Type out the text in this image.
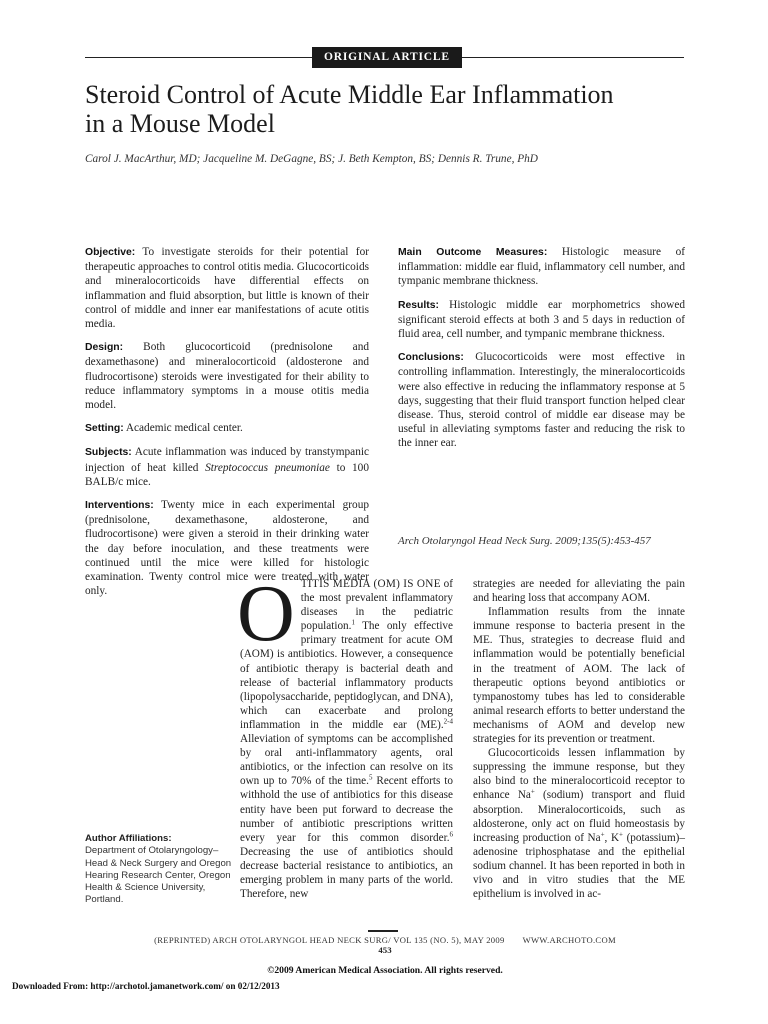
ORIGINAL ARTICLE
Steroid Control of Acute Middle Ear Inflammation
in a Mouse Model
Carol J. MacArthur, MD; Jacqueline M. DeGagne, BS; J. Beth Kempton, BS; Dennis R. Trune, PhD

Objective: To investigate steroids for their potential for therapeutic approaches to control otitis media. Glucocorticoids and mineralocorticoids have differential effects on inflammation and fluid absorption, but little is known of their control of middle and inner ear manifestations of acute otitis media.

Design: Both glucocorticoid (prednisolone and dexamethasone) and mineralocorticoid (aldosterone and fludrocortisone) steroids were investigated for their ability to reduce inflammatory symptoms in a mouse otitis media model.

Setting: Academic medical center.

Subjects: Acute inflammation was induced by transtympanic injection of heat killed Streptococcus pneumoniae to 100 BALB/c mice.

Interventions: Twenty mice in each experimental group (prednisolone, dexamethasone, aldosterone, and fludrocortisone) were given a steroid in their drinking water the day before inoculation, and these treatments were continued until the mice were killed for histologic examination. Twenty control mice were treated with water only.

Main Outcome Measures: Histologic measure of inflammation: middle ear fluid, inflammatory cell number, and tympanic membrane thickness.

Results: Histologic middle ear morphometrics showed significant steroid effects at both 3 and 5 days in reduction of fluid area, cell number, and tympanic membrane thickness.

Conclusions: Glucocorticoids were most effective in controlling inflammation. Interestingly, the mineralocorticoids were also effective in reducing the inflammatory response at 5 days, suggesting that their fluid transport function helped clear disease. Thus, steroid control of middle ear disease may be useful in alleviating symptoms faster and reducing the risk to the inner ear.

Arch Otolaryngol Head Neck Surg. 2009;135(5):453-457
Author Affiliations:
Department of Otolaryngology–Head & Neck Surgery and Oregon Hearing Research Center, Oregon Health & Science University, Portland.

OTITIS MEDIA (OM) IS ONE of the most prevalent inflammatory diseases in the pediatric population.$^1$ The only effective primary treatment for acute OM (AOM) is antibiotics. However, a consequence of antibiotic therapy is bacterial death and release of bacterial inflammatory products (lipopolysaccharide, peptidoglycan, and DNA), which can exacerbate and prolong inflammation in the middle ear (ME).$^{2-4}$ Alleviation of symptoms can be accomplished by oral anti-inflammatory agents, oral antibiotics, or the infection can resolve on its own up to 70% of the time.$^5$ Recent efforts to withhold the use of antibiotics for this disease entity have been put forward to decrease the number of antibiotic prescriptions written every year for this common disorder.$^6$ Decreasing the use of antibiotics should decrease bacterial resistance to antibiotics, an emerging problem in many parts of the world. Therefore, new

strategies are needed for alleviating the pain and hearing loss that accompany AOM.

Inflammation results from the innate immune response to bacteria present in the ME. Thus, strategies to decrease fluid and inflammation would be potentially beneficial in the treatment of AOM. The lack of therapeutic options beyond antibiotics or tympanostomy tubes has led to considerable animal research efforts to better understand the mechanisms of AOM and develop new strategies for its prevention or treatment.

Glucocorticoids lessen inflammation by suppressing the immune response, but they also bind to the mineralocorticoid receptor to enhance Na+ (sodium) transport and fluid absorption. Mineralocorticoids, such as aldosterone, only act on fluid homeostasis by increasing production of Na+, K+ (potassium)–adenosine triphosphatase and the epithelial sodium channel. It has been reported in both in vivo and in vitro studies that the ME epithelium is involved in ac-

(REPRINTED) ARCH OTOLARYNGOL HEAD NECK SURG/ VOL 135 (NO. 5), MAY 2009 WWW.ARCHOTO.COM
453
©2009 American Medical Association. All rights reserved.
Downloaded From: http://archotol.jamanetwork.com/ on 02/12/2013
